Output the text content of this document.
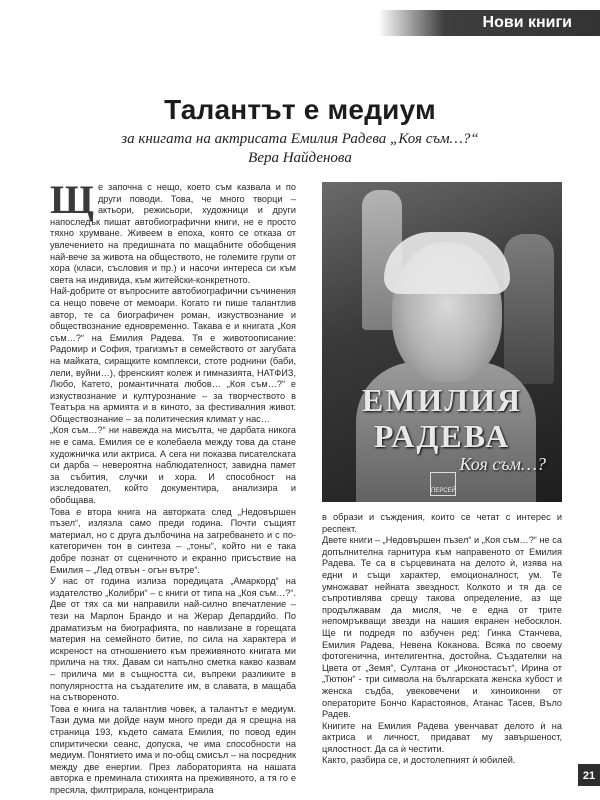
Нови книги
Талантът е медиум
за книгата на актрисата Емилия Радева „Коя съм…?“
Вера Найденова

Ще започна с нещо, което съм казвала и по други поводи. Това, че много творци – актьори, режисьори, художници и други напоследък пишат автобиографични книги, не е просто тяхно хрумване. Живеем в епоха, която се отказа от увлечението на предишната по мащабните обобщения най-вече за живота на обществото, не големите групи от хора (класи, съсловия и пр.) и насочи интереса си към света на индивида, към житейски-конкретното.

Най-добрите от въпросните автобиографични съчинения са нещо повече от мемоари. Когато ги пише талантлив автор, те са биографичен роман, изкуствознание и обществознание едновременно. Такава е и книгата „Коя съм…?“ на Емилия Радева. Тя е животоописание: Радомир и София, трагизмът в семейството от загубата на майката, сиращките комплекси, стоте роднини (баби, лели, вуйни…), френският колеж и гимназията, НАТФИЗ, Любо, Катето, романтичната любов… „Коя съм…?“ е изкуствознание и културознание – за творчеството в Театъра на армията и в киното, за фестивалния живот. Обществознание – за политическия климат у нас…

„Коя съм…?“ ни навежда на мисълта, че дарбата никога не е сама. Емилия се е колебаела между това да стане художничка или актриса. А сега ни показва писателската си дарба – невероятна наблюдателност, завидна памет за събития, случки и хора. И способност на изследовател, който документира, анализира и обобщава.

Това е втора книга на авторката след „Недовършен пъзел“, излязла само преди година. Почти същият материал, но с друга дълбочина на загребването и с по-категоричен тон в синтеза – „тоны“, който ни е така добре познат от сценичното и екранно присъствие на Емилия – „Лед отвън - огън вътре“.

У нас от година излиза поредицата „Амаркорд“ на издателство „Колибри“ – с книги от типа на „Коя съм…?“. Две от тях са ми направили най-силно впечатление – тези на Марлон Брандо и на Жерар Депардийо. По драматизъм на биографията, по навлизане в горещата материя на семейното битие, по сила на характера и искреност на отношението към преживяното книгата ми прилича на тях. Давам си напълно сметка какво казвам – прилича ми в същността си, въпреки разликите в популярността на създателите им, в славата, в мащаба на сътвореното.

Това е книга на талантлив човек, а талантът е медиум. Тази дума ми дойде наум много преди да я срещна на страница 193, където самата Емилия, по повод един спиритически сеанс, допуска, че има способности на медиум. Понятието има и по-общ смисъл – на посредник между две енергии. През лабораторията на нашата авторка е преминала стихията на преживяното, а тя го е пресяла, филтрирала, концентрирала

ЕМИЛИЯ
РАДЕВА
Коя съм…?
ПЕРСЕЙ

в образи и съждения, които се четат с интерес и респект.

Двете книги – „Недовършен пъзел“ и „Коя съм…?“ не са допълнителна гарнитура към направеното от Емилия Радева. Те са в сърцевината на делото ѝ, изява на едни и същи характер, емоционалност, ум. Те умножават нейната звездност. Колкото и тя да се съпротивлява срещу такова определение, аз ще продължавам да мисля, че е една от трите непомръкващи звезди на нашия екранен небосклон. Ще ги подредя по азбучен ред: Гинка Станчева, Емилия Радева, Невена Коканова. Всяка по своему фотогенична, интелигентна, достойна. Създателки на Цвета от „Земя“, Султана от „Иконостасът“, Ирина от „Тютюн“ - три символа на българската женска хубост и женска съдба, увековечени и хиноиконни от операторите Бончо Карастоянов, Атанас Тасев, Вълo Радев.

Книгите на Емилия Радева увенчават делото ѝ на актриса и личност, придават му завършеност, цялостност. Да са ѝ честити.

Както, разбира се, и достолепният ѝ юбилей.

21
